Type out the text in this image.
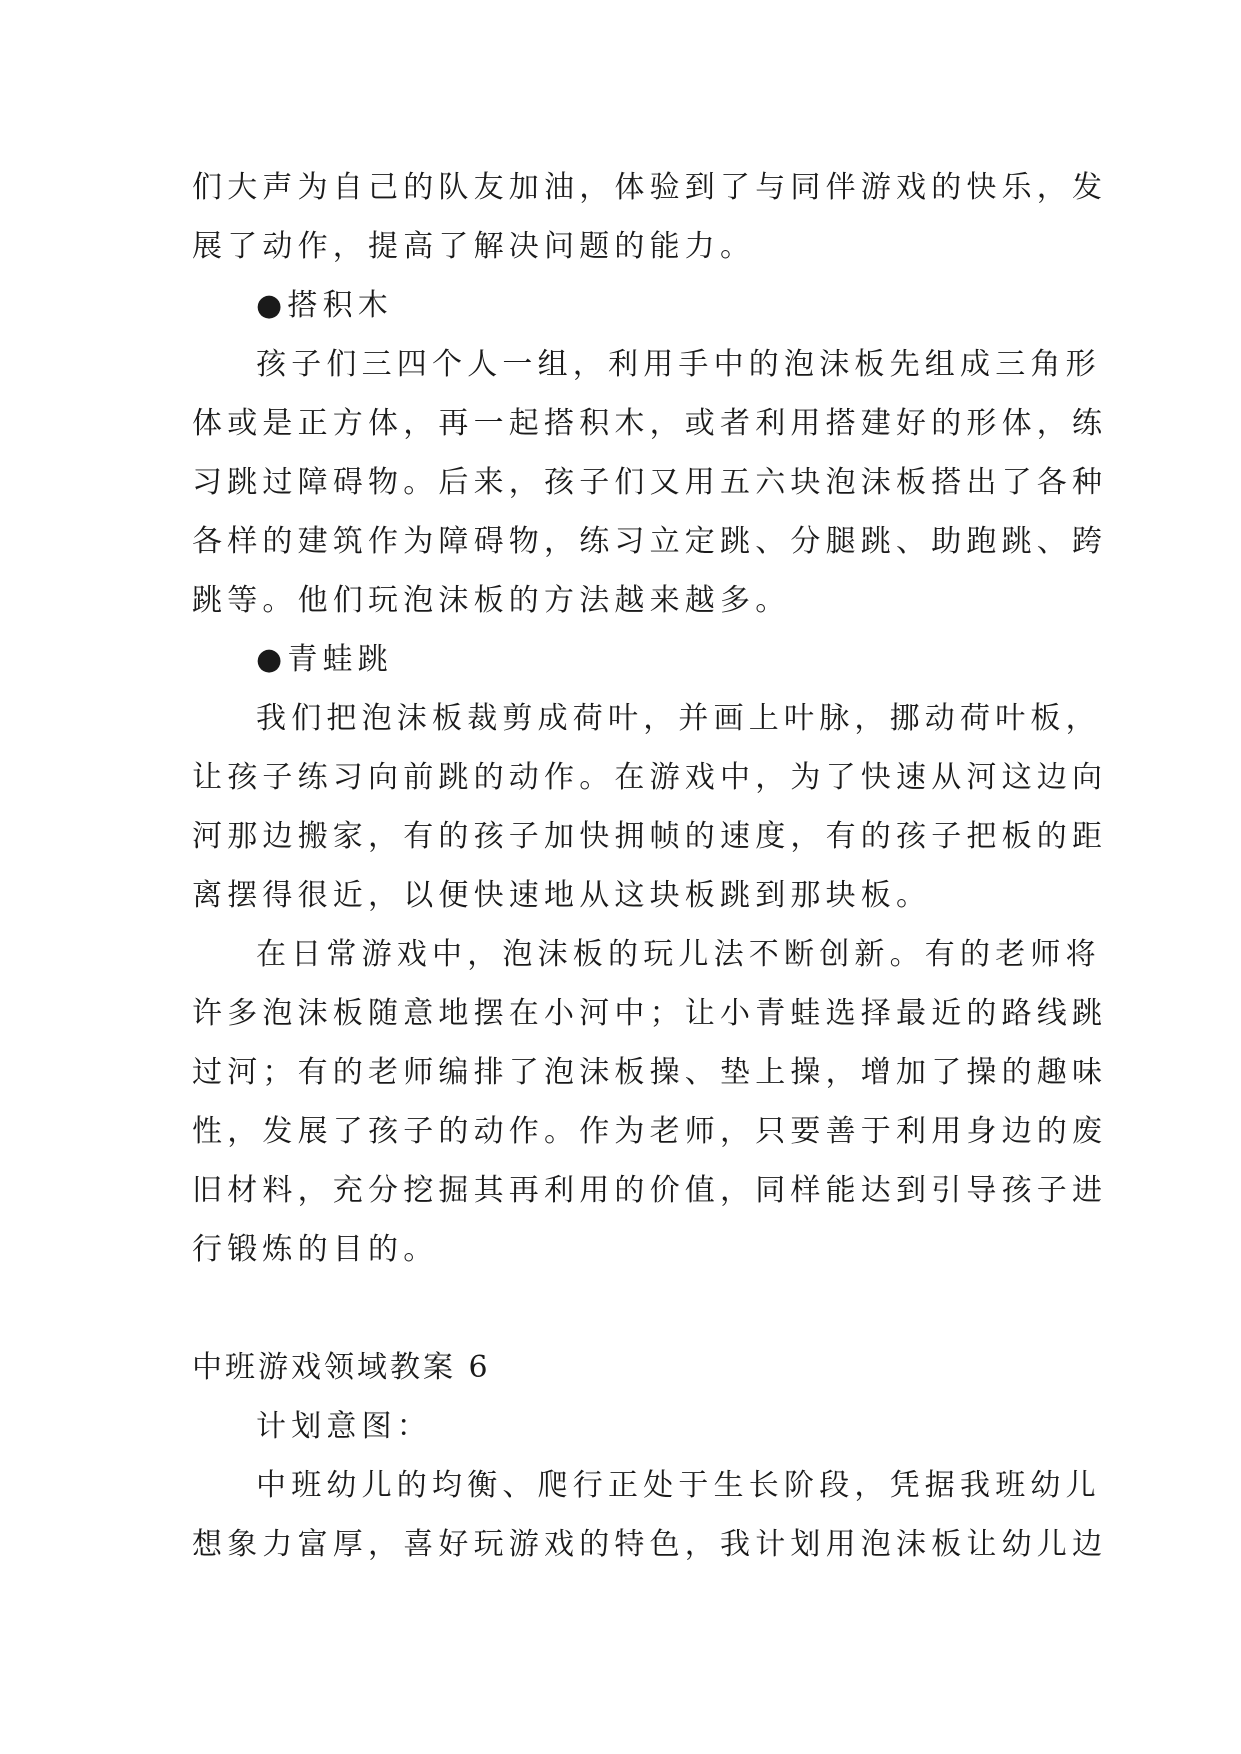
们大声为自己的队友加油，体验到了与同伴游戏的快乐，发
展了动作，提高了解决问题的能力。
●搭积木
孩子们三四个人一组，利用手中的泡沫板先组成三角形
体或是正方体，再一起搭积木，或者利用搭建好的形体，练
习跳过障碍物。后来，孩子们又用五六块泡沫板搭出了各种
各样的建筑作为障碍物，练习立定跳、分腿跳、助跑跳、跨
跳等。他们玩泡沫板的方法越来越多。
●青蛙跳
我们把泡沫板裁剪成荷叶，并画上叶脉，挪动荷叶板，
让孩子练习向前跳的动作。在游戏中，为了快速从河这边向
河那边搬家，有的孩子加快拥帧的速度，有的孩子把板的距
离摆得很近，以便快速地从这块板跳到那块板。
在日常游戏中，泡沫板的玩儿法不断创新。有的老师将
许多泡沫板随意地摆在小河中；让小青蛙选择最近的路线跳
过河；有的老师编排了泡沫板操、垫上操，增加了操的趣味
性，发展了孩子的动作。作为老师，只要善于利用身边的废
旧材料，充分挖掘其再利用的价值，同样能达到引导孩子进
行锻炼的目的。
中班游戏领域教案 6
计划意图：
中班幼儿的均衡、爬行正处于生长阶段，凭据我班幼儿
想象力富厚，喜好玩游戏的特色，我计划用泡沫板让幼儿边
